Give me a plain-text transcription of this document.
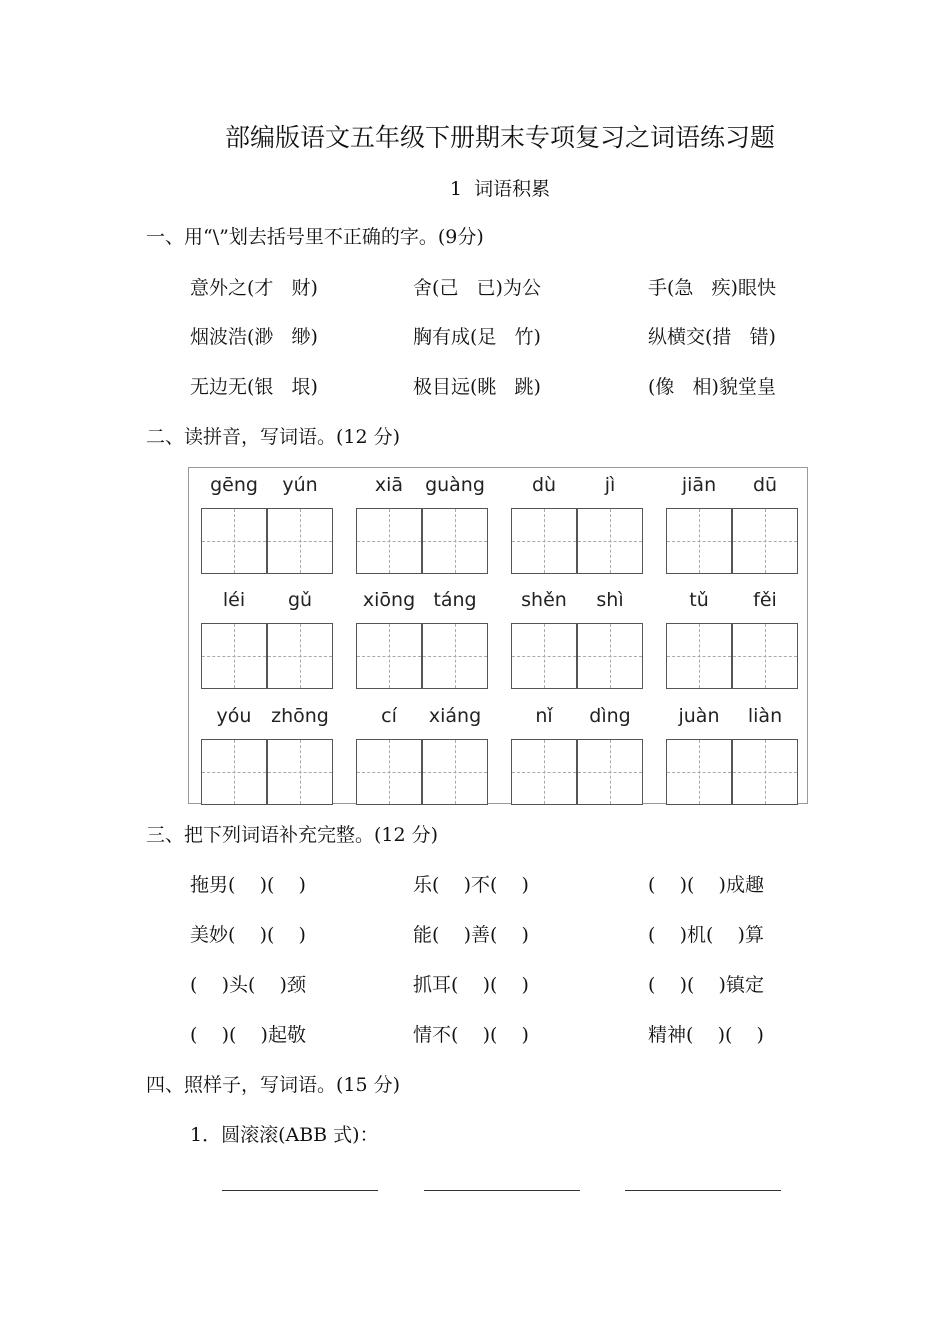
部编版语文五年级下册期末专项复习之词语练习题
1  词语积累
一、用“\”划去括号里不正确的字。(9分)
意外之(才   财)	舍(己   已)为公	手(急   疾)眼快
烟波浩(渺   缈)	胸有成(足   竹)	纵横交(措   错)
无边无(银   垠)	极目远(眺   跳)	(像   相)貌堂皇
二、读拼音，写词语。(12 分)
gēng	yún	xiā	guàng	dù	jì	jiān	dū
léi	gǔ	xiōng táng	shěn	shì	tǔ	fěi
yóu	zhōng	cí	xiáng	nǐ	dìng	juàn	liàn
三、把下列词语补充完整。(12 分)
拖男(    )(    )	乐(    )不(    )	(    )(    )成趣
美妙(    )(    )	能(    )善(    )	(    )机(    )算
(    )头(    )颈	抓耳(    )(    )	(    )(    )镇定
(    )(    )起敬	情不(    )(    )	精神(    )(    )
四、照样子，写词语。(15 分)
1．圆滚滚(ABB 式)：
